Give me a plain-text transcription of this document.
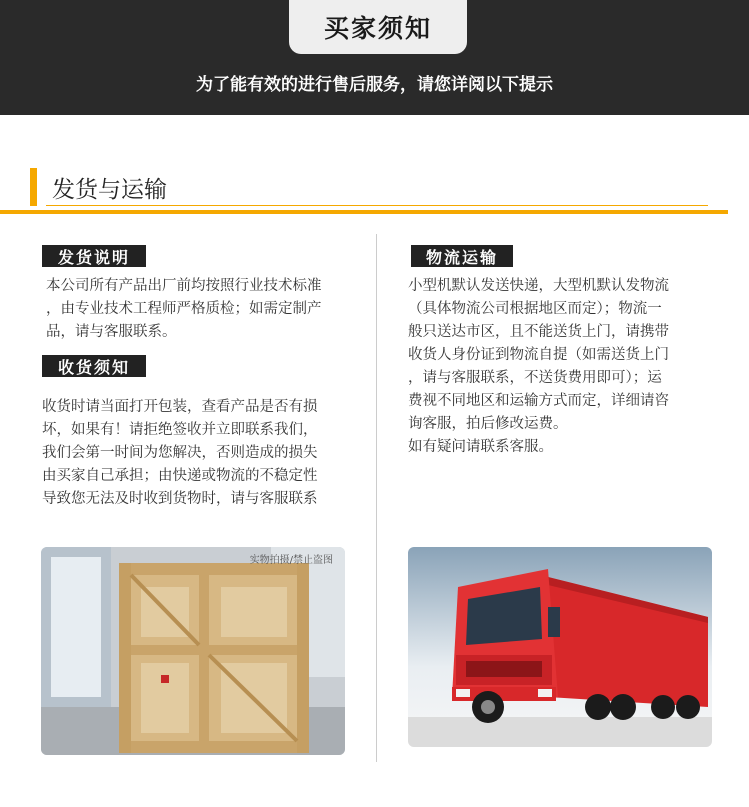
买家须知
为了能有效的进行售后服务，请您详阅以下提示
发货与运输
发货说明
本公司所有产品出厂前均按照行业技术标准
，由专业技术工程师严格质检；如需定制产
品，请与客服联系。
收货须知
收货时请当面打开包装，查看产品是否有损
坏，如果有！请拒绝签收并立即联系我们，
我们会第一时间为您解决，否则造成的损失
由买家自己承担；由快递或物流的不稳定性
导致您无法及时收到货物时，请与客服联系
物流运输
小型机默认发送快递，大型机默认发物流
（具体物流公司根据地区而定）；物流一
般只送达市区，且不能送货上门，请携带
收货人身份证到物流自提（如需送货上门
，请与客服联系，不送货费用即可）；运
费视不同地区和运输方式而定，详细请咨
询客服，拍后修改运费。
如有疑问请联系客服。
实物拍摄/禁止盗图
